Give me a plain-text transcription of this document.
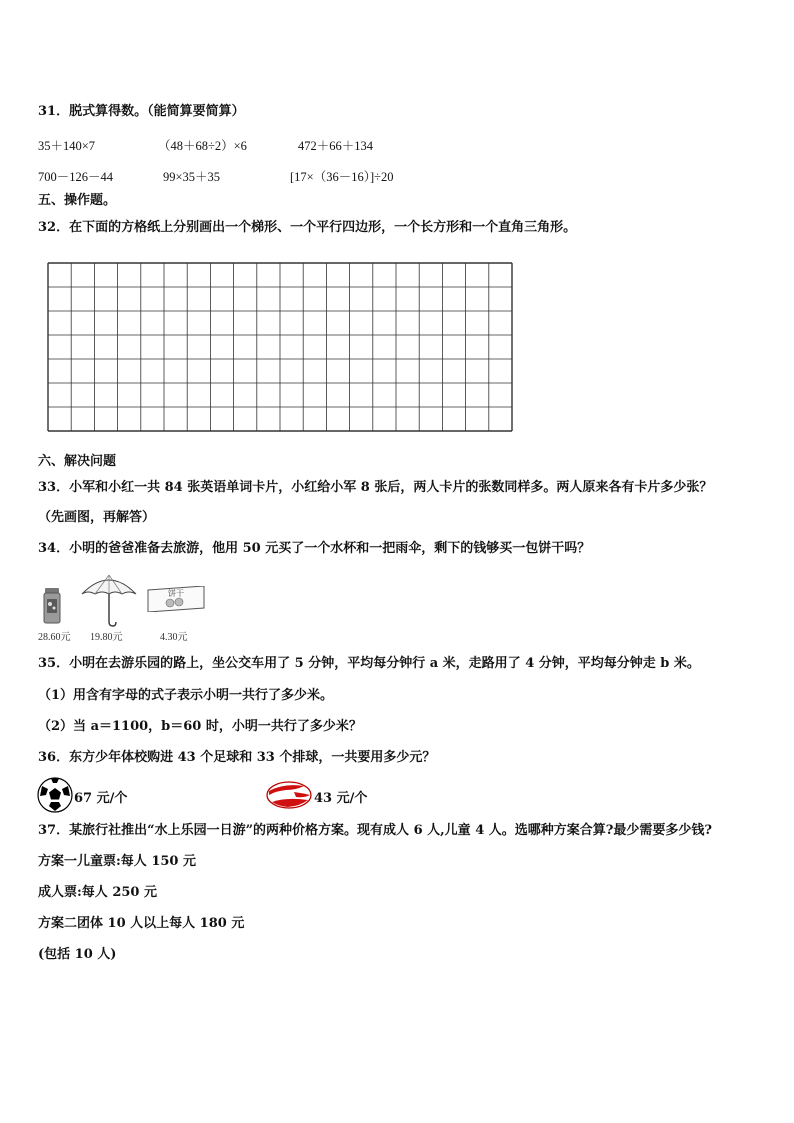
31．脱式算得数。（能简算要简算）
35＋140×7	（48＋68÷2）×6	472＋66＋134
700－126－44	99×35＋35	[17×（36－16）]÷20
五、操作题。
32．在下面的方格纸上分别画出一个梯形、一个平行四边形，一个长方形和一个直角三角形。
六、解决问题
33．小军和小红一共 84 张英语单词卡片，小红给小军 8 张后，两人卡片的张数同样多。两人原来各有卡片多少张？
（先画图，再解答）
34．小明的爸爸准备去旅游，他用 50 元买了一个水杯和一把雨伞，剩下的钱够买一包饼干吗？
28.60元 19.80元
饼干
4.30元
35．小明在去游乐园的路上，坐公交车用了 5 分钟，平均每分钟行 a 米，走路用了 4 分钟，平均每分钟走 b 米。
（1）用含有字母的式子表示小明一共行了多少米。
（2）当 a＝1100，b＝60 时，小明一共行了多少米？
36．东方少年体校购进 43 个足球和 33 个排球，一共要用多少元？
67 元/个	43 元/个
37．某旅行社推出“水上乐园一日游”的两种价格方案。现有成人 6 人,儿童 4 人。选哪种方案合算?最少需要多少钱?
方案一儿童票:每人 150 元
成人票:每人 250 元
方案二团体 10 人以上每人 180 元
(包括 10 人)
